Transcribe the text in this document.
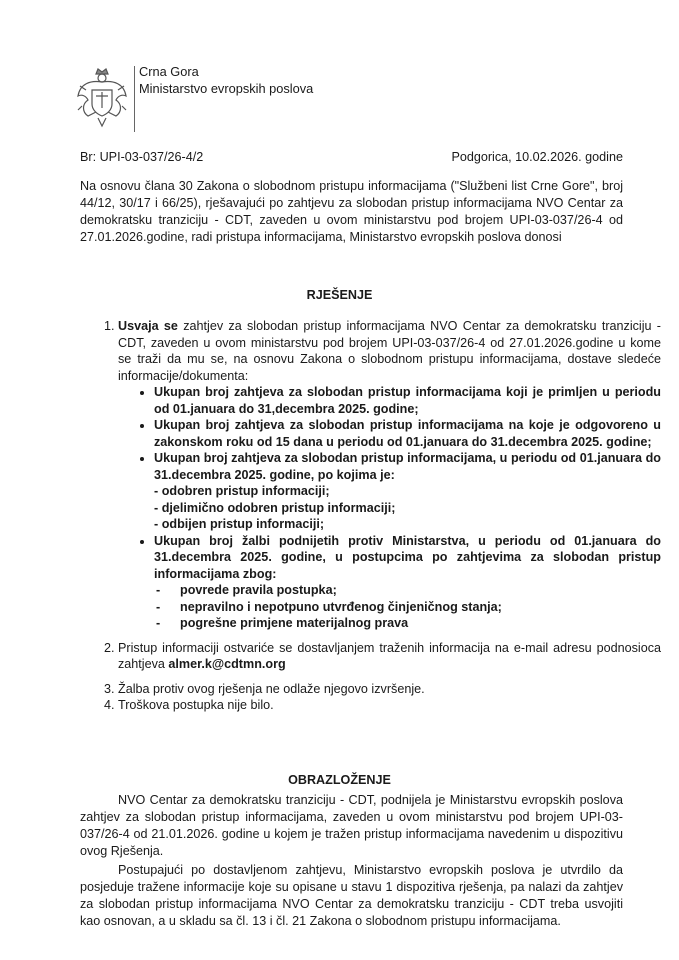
Crna Gora
Ministarstvo evropskih poslova
Br: UPI-03-037/26-4/2	Podgorica, 10.02.2026. godine
Na osnovu člana 30 Zakona o slobodnom pristupu informacijama ("Službeni list Crne Gore", broj 44/12, 30/17 i 66/25), rješavajući po zahtjevu za slobodan pristup informacijama NVO Centar za demokratsku tranziciju - CDT, zaveden u ovom ministarstvu pod brojem UPI-03-037/26-4 od 27.01.2026.godine, radi pristupa informacijama, Ministarstvo evropskih poslova donosi
RJEŠENJE
1. Usvaja se zahtjev za slobodan pristup informacijama NVO Centar za demokratsku tranziciju - CDT, zaveden u ovom ministarstvu pod brojem UPI-03-037/26-4 od 27.01.2026.godine u kome se traži da mu se, na osnovu Zakona o slobodnom pristupu informacijama, dostave sledeće informacije/dokumenta:
• Ukupan broj zahtjeva za slobodan pristup informacijama koji je primljen u periodu od 01.januara do 31,decembra 2025. godine;
• Ukupan broj zahtjeva za slobodan pristup informacijama na koje je odgovoreno u zakonskom roku od 15 dana u periodu od 01.januara do 31.decembra 2025. godine;
• Ukupan broj zahtjeva za slobodan pristup informacijama, u periodu od 01.januara do 31.decembra 2025. godine, po kojima je:
- odobren pristup informaciji;
- djelimično odobren pristup informaciji;
- odbijen pristup informaciji;
• Ukupan broj žalbi podnijetih protiv Ministarstva, u periodu od 01.januara do 31.decembra 2025. godine, u postupcima po zahtjevima za slobodan pristup informacijama zbog:
- povrede pravila postupka;
- nepravilno i nepotpuno utvrđenog činjeničnog stanja;
- pogrešne primjene materijalnog prava
2. Pristup informaciji ostvariće se dostavljanjem traženih informacija na e-mail adresu podnosioca zahtjeva almer.k@cdtmn.org
3. Žalba protiv ovog rješenja ne odlaže njegovo izvršenje.
4. Troškova postupka nije bilo.
OBRAZLOŽENJE
NVO Centar za demokratsku tranziciju - CDT, podnijela je Ministarstvu evropskih poslova zahtjev za slobodan pristup informacijama, zaveden u ovom ministarstvu pod brojem UPI-03-037/26-4 od 21.01.2026. godine u kojem je tražen pristup informacijama navedenim u dispozitivu ovog Rješenja.
Postupajući po dostavljenom zahtjevu, Ministarstvo evropskih poslova je utvrdilo da posjeduje tražene informacije koje su opisane u stavu 1 dispozitiva rješenja, pa nalazi da zahtjev za slobodan pristup informacijama NVO Centar za demokratsku tranziciju - CDT treba usvojiti kao osnovan, a u skladu sa čl. 13 i čl. 21 Zakona o slobodnom pristupu informacijama.
